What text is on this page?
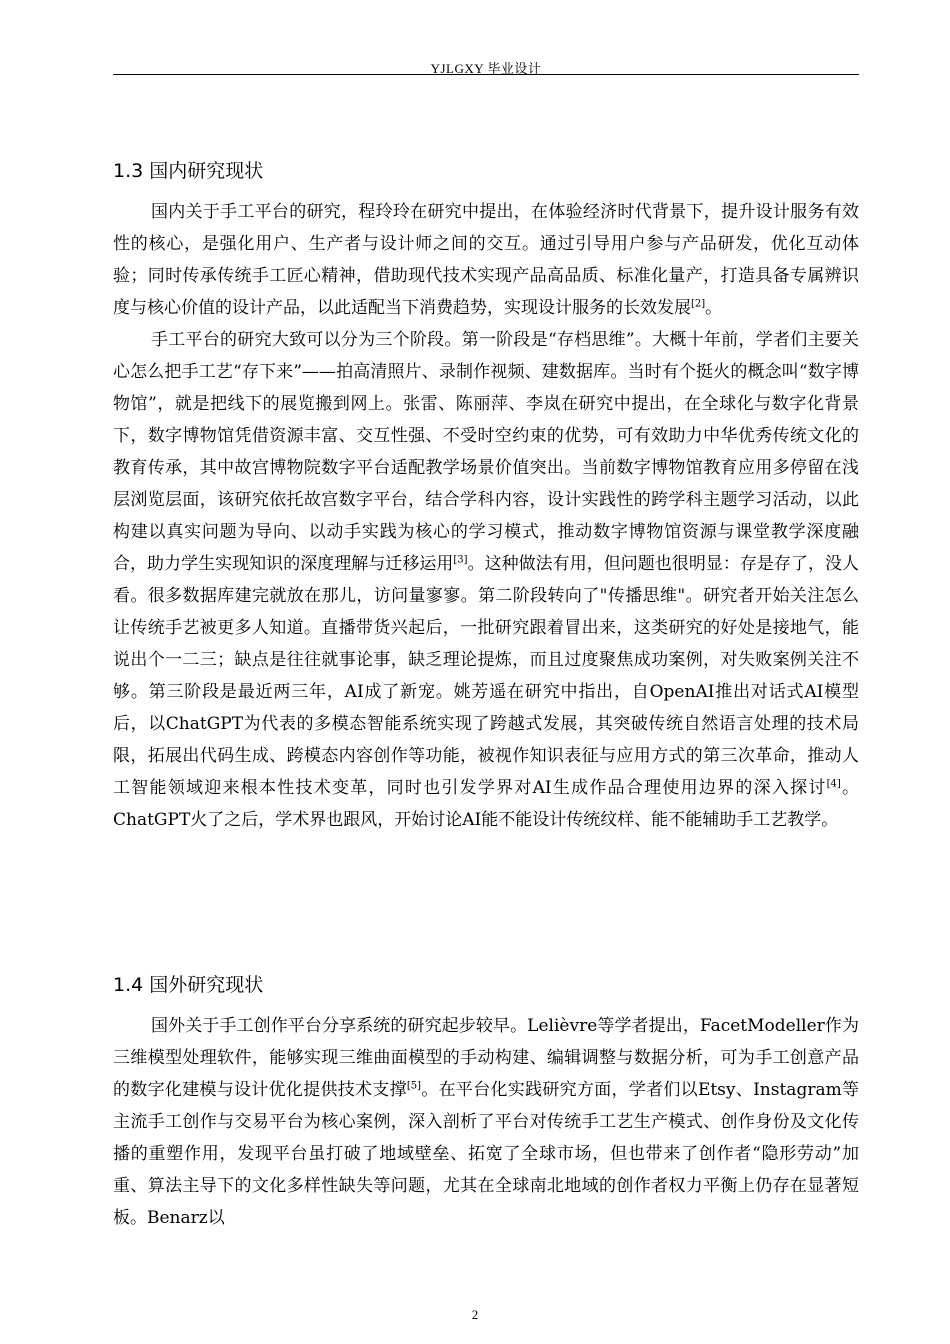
YJLGXY 毕业设计
1.3 国内研究现状

国内关于手工平台的研究，程玲玲在研究中提出，在体验经济时代背景下，提升设计服务有效性的核心，是强化用户、生产者与设计师之间的交互。通过引导用户参与产品研发，优化互动体验；同时传承传统手工匠心精神，借助现代技术实现产品高品质、标准化量产，打造具备专属辨识度与核心价值的设计产品，以此适配当下消费趋势，实现设计服务的长效发展[2]。

手工平台的研究大致可以分为三个阶段。第一阶段是“存档思维”。大概十年前，学者们主要关心怎么把手工艺“存下来”——拍高清照片、录制作视频、建数据库。当时有个挺火的概念叫“数字博物馆”，就是把线下的展览搬到网上。张雷、陈丽萍、李岚在研究中提出，在全球化与数字化背景下，数字博物馆凭借资源丰富、交互性强、不受时空约束的优势，可有效助力中华优秀传统文化的教育传承，其中故宫博物院数字平台适配教学场景价值突出。当前数字博物馆教育应用多停留在浅层浏览层面，该研究依托故宫数字平台，结合学科内容，设计实践性的跨学科主题学习活动，以此构建以真实问题为导向、以动手实践为核心的学习模式，推动数字博物馆资源与课堂教学深度融合，助力学生实现知识的深度理解与迁移运用[3]。这种做法有用，但问题也很明显：存是存了，没人看。很多数据库建完就放在那儿，访问量寥寥。第二阶段转向了"传播思维"。研究者开始关注怎么让传统手艺被更多人知道。直播带货兴起后，一批研究跟着冒出来，这类研究的好处是接地气，能说出个一二三；缺点是往往就事论事，缺乏理论提炼，而且过度聚焦成功案例，对失败案例关注不够。第三阶段是最近两三年，AI成了新宠。姚芳遥在研究中指出，自OpenAI推出对话式AI模型后，以ChatGPT为代表的多模态智能系统实现了跨越式发展，其突破传统自然语言处理的技术局限，拓展出代码生成、跨模态内容创作等功能，被视作知识表征与应用方式的第三次革命，推动人工智能领域迎来根本性技术变革，同时也引发学界对AI生成作品合理使用边界的深入探讨[4]。ChatGPT火了之后，学术界也跟风，开始讨论AI能不能设计传统纹样、能不能辅助手工艺教学。

1.4 国外研究现状

国外关于手工创作平台分享系统的研究起步较早。Lelièvre等学者提出，FacetModeller作为三维模型处理软件，能够实现三维曲面模型的手动构建、编辑调整与数据分析，可为手工创意产品的数字化建模与设计优化提供技术支撑[5]。在平台化实践研究方面，学者们以Etsy、Instagram等主流手工创作与交易平台为核心案例，深入剖析了平台对传统手工艺生产模式、创作身份及文化传播的重塑作用，发现平台虽打破了地域壁垒、拓宽了全球市场，但也带来了创作者“隐形劳动”加重、算法主导下的文化多样性缺失等问题，尤其在全球南北地域的创作者权力平衡上仍存在显著短板。Benarz以

2
